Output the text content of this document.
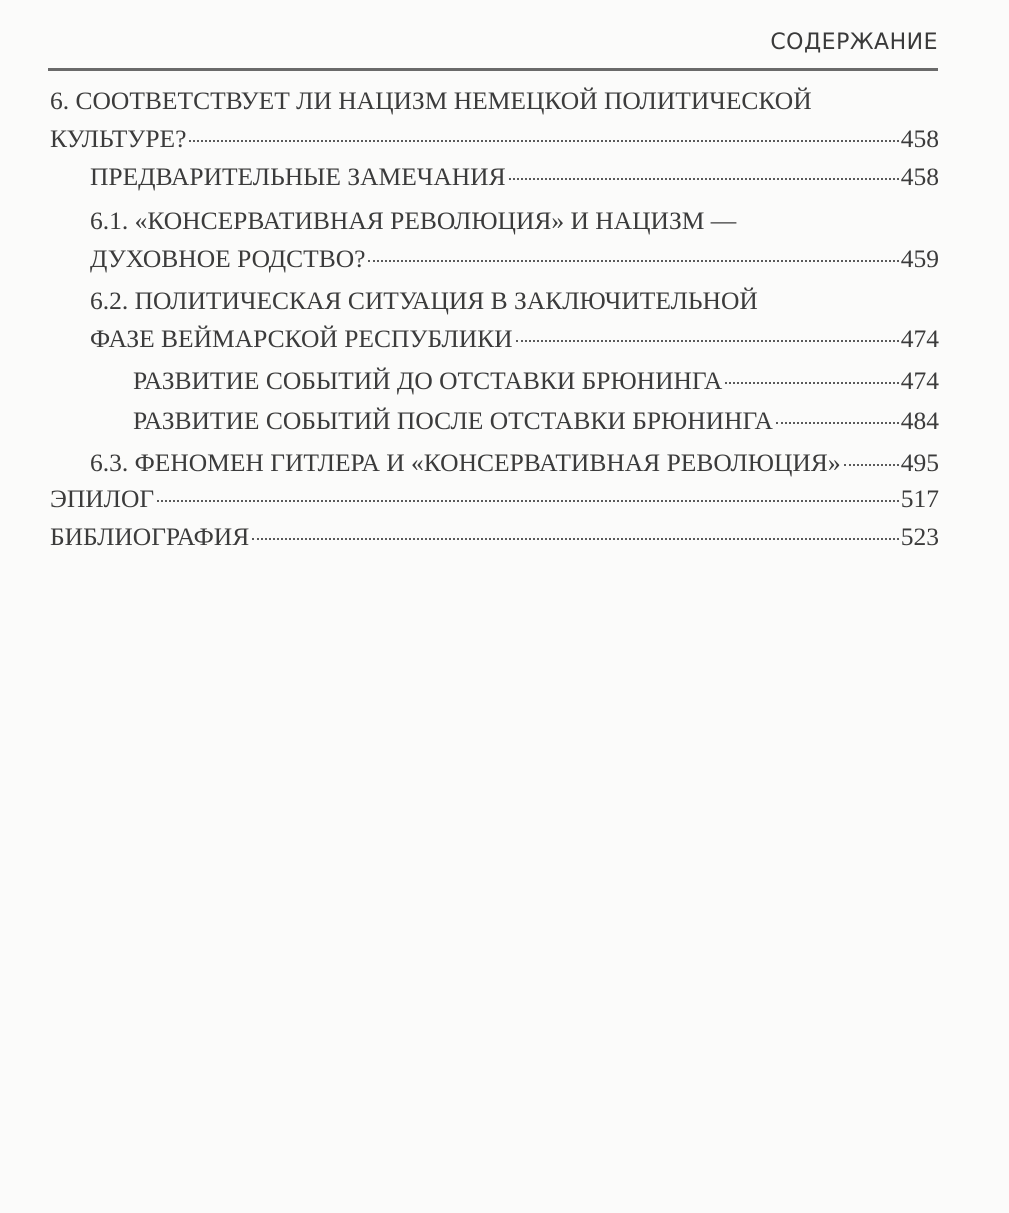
СОДЕРЖАНИЕ
6. СООТВЕТСТВУЕТ ЛИ НАЦИЗМ НЕМЕЦКОЙ ПОЛИТИЧЕСКОЙ
КУЛЬТУРЕ?	458
ПРЕДВАРИТЕЛЬНЫЕ ЗАМЕЧАНИЯ	458
6.1. «КОНСЕРВАТИВНАЯ РЕВОЛЮЦИЯ» И НАЦИЗМ —
ДУХОВНОЕ РОДСТВО?	459
6.2. ПОЛИТИЧЕСКАЯ СИТУАЦИЯ В ЗАКЛЮЧИТЕЛЬНОЙ
ФАЗЕ ВЕЙМАРСКОЙ РЕСПУБЛИКИ	474
РАЗВИТИЕ СОБЫТИЙ ДО ОТСТАВКИ БРЮНИНГА	474
РАЗВИТИЕ СОБЫТИЙ ПОСЛЕ ОТСТАВКИ БРЮНИНГА	484
6.3. ФЕНОМЕН ГИТЛЕРА И «КОНСЕРВАТИВНАЯ РЕВОЛЮЦИЯ» 495
ЭПИЛОГ	517
БИБЛИОГРАФИЯ	523
